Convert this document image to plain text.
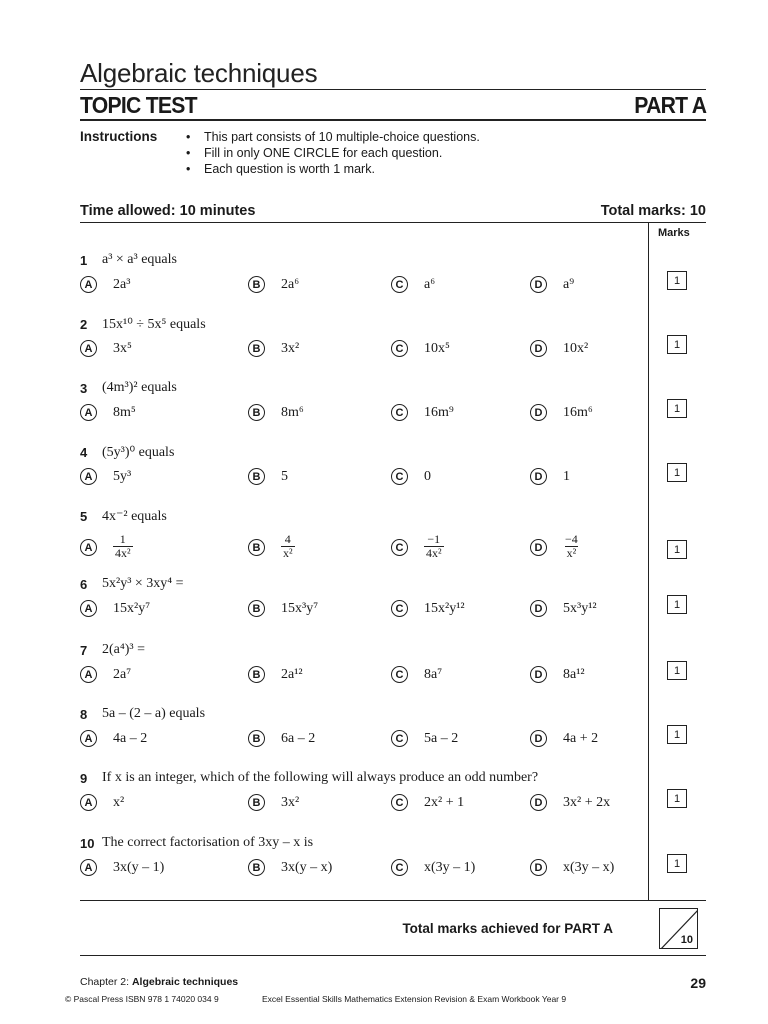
Algebraic techniques
TOPIC TEST	PART A
Instructions
•	This part consists of 10 multiple-choice questions.
• Fill in only ONE CIRCLE for each question.
• Each question is worth 1 mark.
Time allowed: 10 minutes	Total marks: 10
Marks
1 a³ × a³ equals
A	2a³	B	2a⁶	C	a⁶	D	a⁹	1
2 15x¹⁰ ÷ 5x⁵ equals
A	3x⁵	B	3x²	C	10x⁵	D	10x²	1
3 (4m³)² equals
A	8m⁵	B	8m⁶	C	16m⁹	D	16m⁶	1
4 (5y³)⁰ equals
A	5y³	B	5	C	0	D	1	1
5 4x⁻² equals
A	$\frac{1}{\text{4x²}}$	B	$\frac{4}{\text{x²}}$	C	$\frac{-1}{\text{4x²}}$	D	$\frac{-4}{\text{x²}}$	1
6 5x²y³ × 3xy⁴ =
A	15x²y⁷	B	15x³y⁷	C	15x²y¹²	D	5x³y¹²	1
7 2(a⁴)³ =
A	2a⁷	B	2a¹²	C	8a⁷	D	8a¹²	1
8 5a – (2 – a) equals
A	4a – 2	B	6a – 2	C	5a – 2	D	4a + 2	1
9 If x is an integer, which of the following will always produce an odd number?
A	x²	B	3x²	C	2x² + 1	D	3x² + 2x	1
10 The correct factorisation of 3xy – x is
A	3x(y – 1)	B	3x(y – x)	C	x(3y – 1)	D	x(3y – x)	1
Total marks achieved for PART A
10
Chapter 2: Algebraic techniques	29
© Pascal Press ISBN 978 1 74020 034 9	Excel Essential Skills Mathematics Extension Revision & Exam Workbook Year 9
